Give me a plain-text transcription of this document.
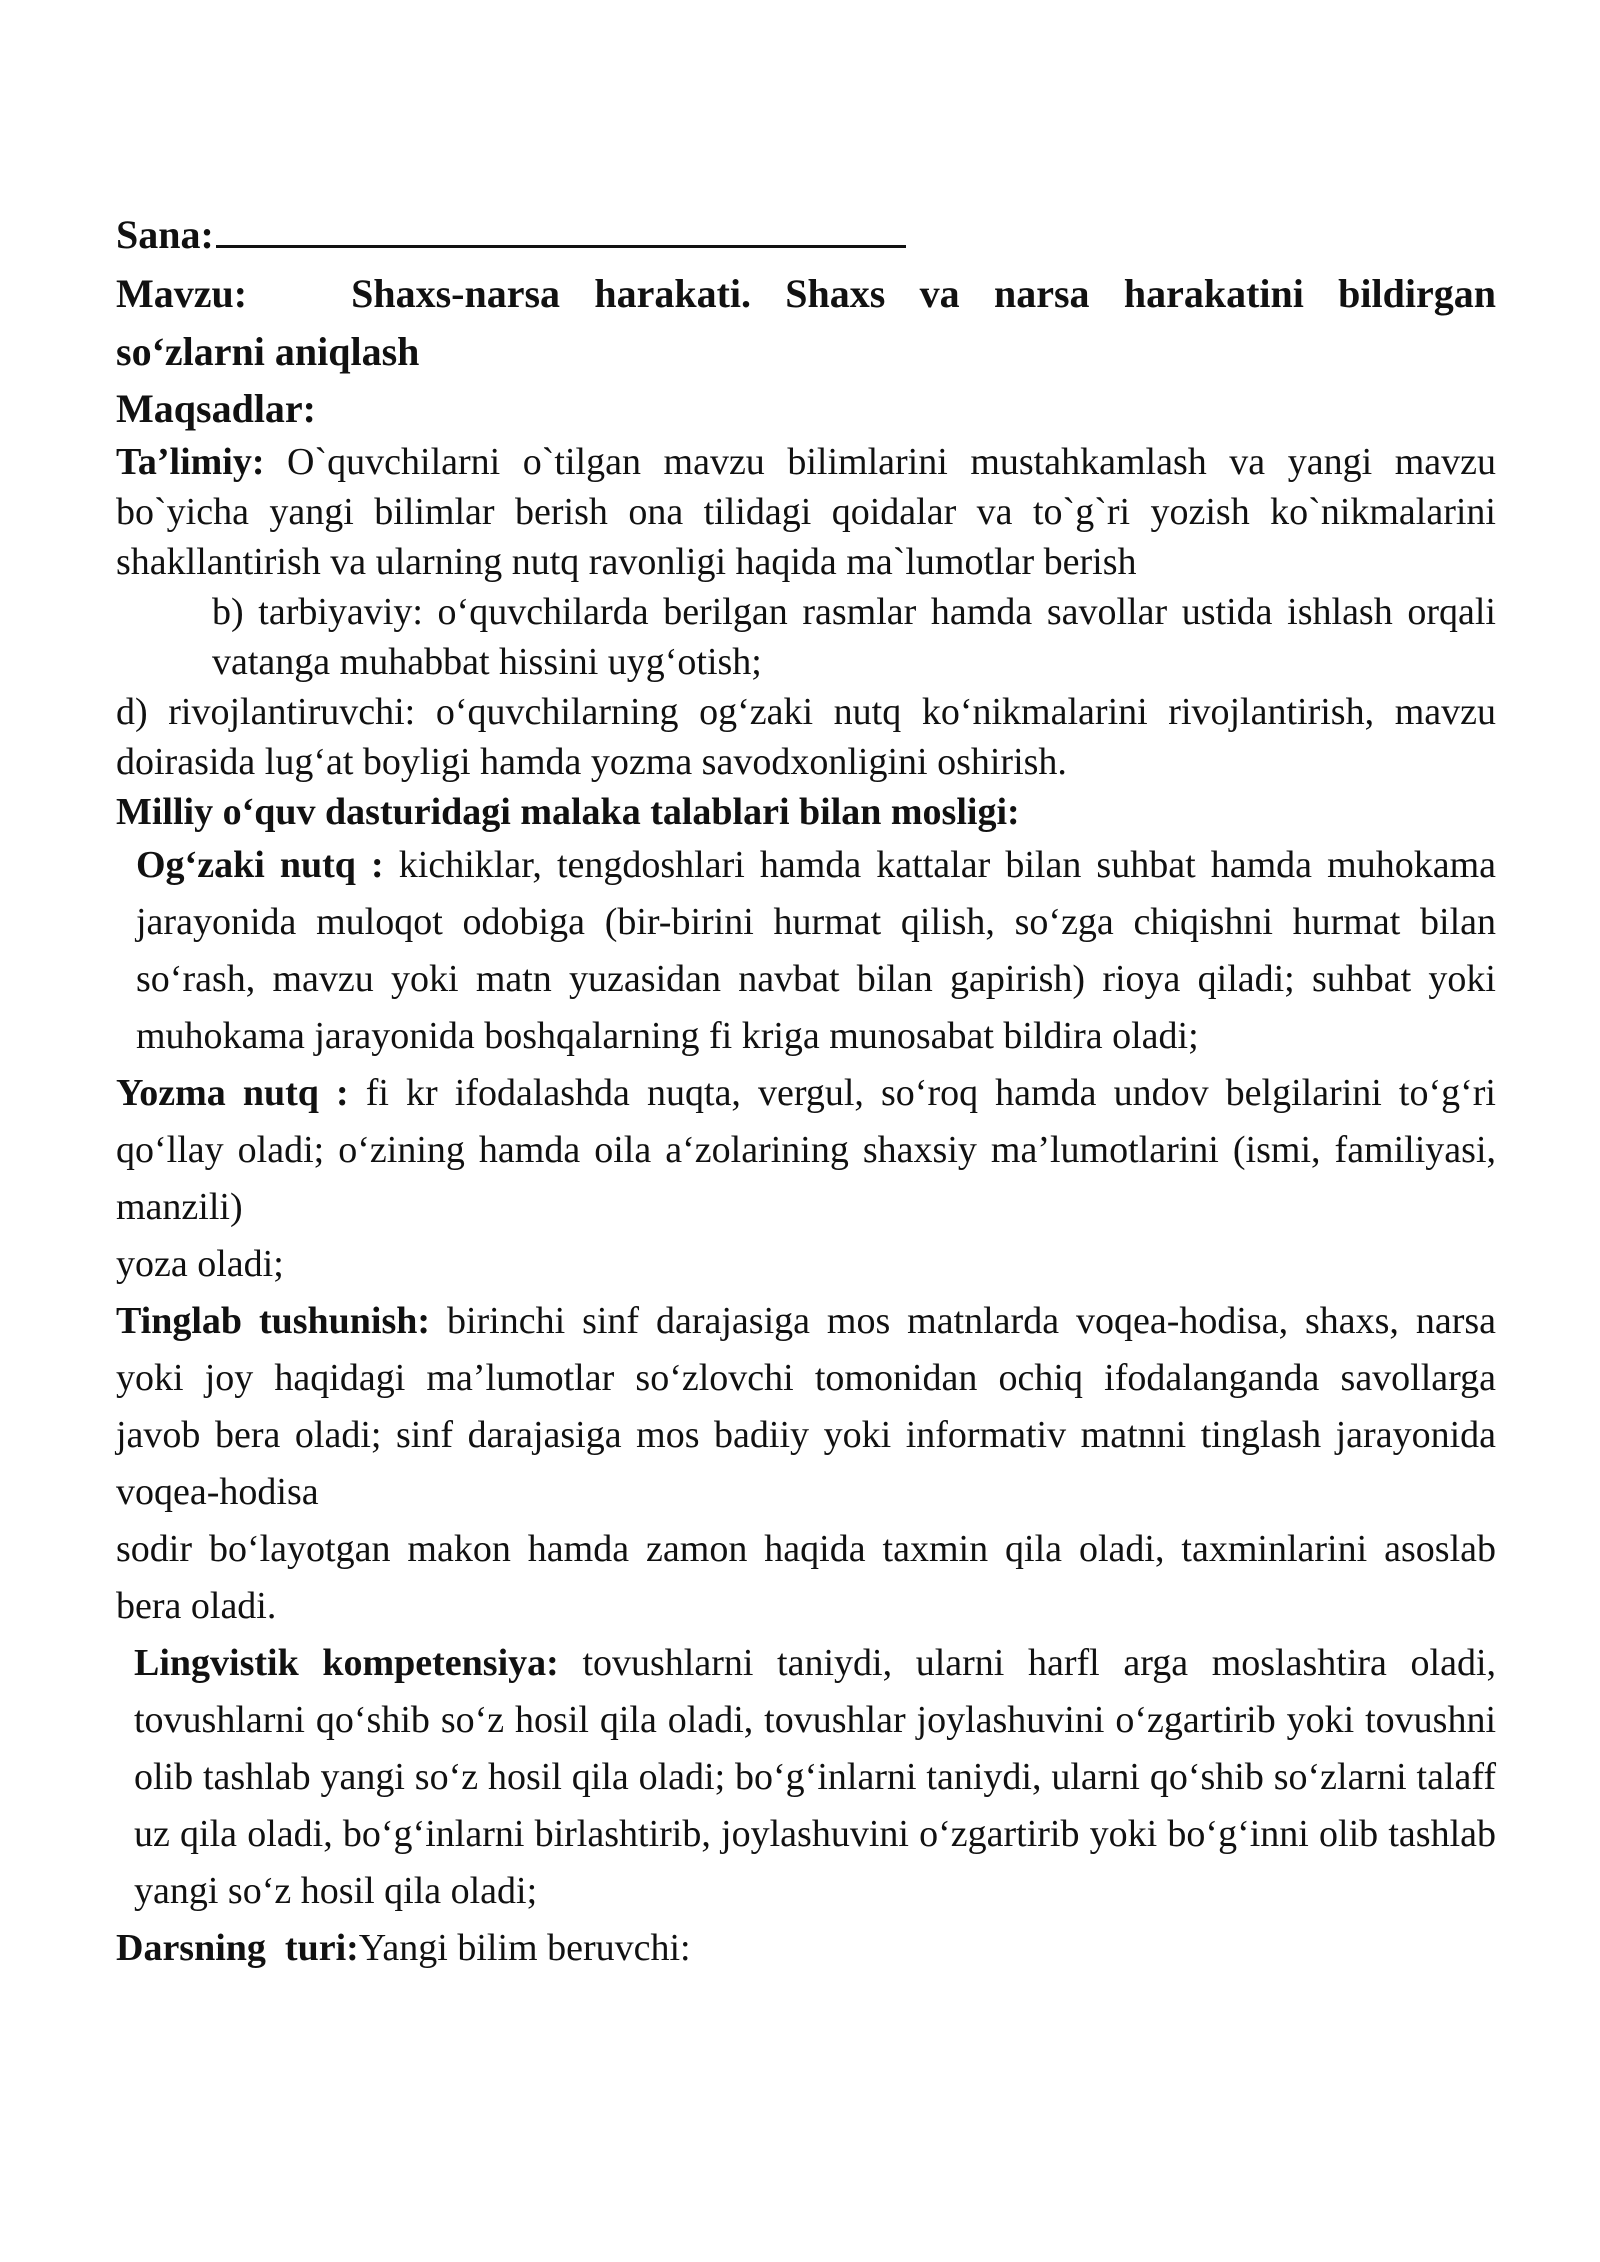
Sana:

Mavzu:	Shaxs-narsa harakati. Shaxs va narsa harakatini bildirgan so‘zlarni aniqlash

Maqsadlar:

Ta’limiy: O`quvchilarni o`tilgan mavzu bilimlarini mustahkamlash va yangi mavzu bo`yicha yangi bilimlar berish ona tilidagi qoidalar va to`g`ri yozish ko`nikmalarini shakllantirish va ularning nutq ravonligi haqida ma`lumotlar berish

b) tarbiyaviy: o‘quvchilarda berilgan rasmlar hamda savollar ustida ishlash orqali vatanga muhabbat hissini uyg‘otish;

d) rivojlantiruvchi: o‘quvchilarning og‘zaki nutq ko‘nikmalarini rivojlantirish, mavzu doirasida lug‘at boyligi hamda yozma savodxonligini oshirish.

Milliy o‘quv dasturidagi malaka talablari bilan mosligi:

Og‘zaki nutq : kichiklar, tengdoshlari hamda kattalar bilan suhbat hamda muhokama jarayonida muloqot odobiga (bir-birini hurmat qilish, so‘zga chiqishni hurmat bilan so‘rash, mavzu yoki matn yuzasidan navbat bilan gapirish) rioya qiladi; suhbat yoki muhokama jarayonida boshqalarning fi kriga munosabat bildira oladi;

Yozma nutq : fi kr ifodalashda nuqta, vergul, so‘roq hamda undov belgilarini to‘g‘ri qo‘llay oladi; o‘zining hamda oila a‘zolarining shaxsiy ma’lumotlarini (ismi, familiyasi, manzili)

yoza oladi;

Tinglab tushunish: birinchi sinf darajasiga mos matnlarda voqea-hodisa, shaxs, narsa yoki joy haqidagi ma’lumotlar so‘zlovchi tomonidan ochiq ifodalanganda savollarga javob bera oladi; sinf darajasiga mos badiiy yoki informativ matnni tinglash jarayonida voqea-hodisa

sodir bo‘layotgan makon hamda zamon haqida taxmin qila oladi, taxminlarini asoslab bera oladi.

Lingvistik kompetensiya: tovushlarni taniydi, ularni harfl arga moslashtira oladi, tovushlarni qo‘shib so‘z hosil qila oladi, tovushlar joylashuvini o‘zgartirib yoki tovushni olib tashlab yangi so‘z hosil qila oladi; bo‘g‘inlarni taniydi, ularni qo‘shib so‘zlarni talaff uz qila oladi, bo‘g‘inlarni birlashtirib, joylashuvini o‘zgartirib yoki bo‘g‘inni olib tashlab yangi so‘z hosil qila oladi;

Darsning  turi:Yangi bilim beruvchi:
